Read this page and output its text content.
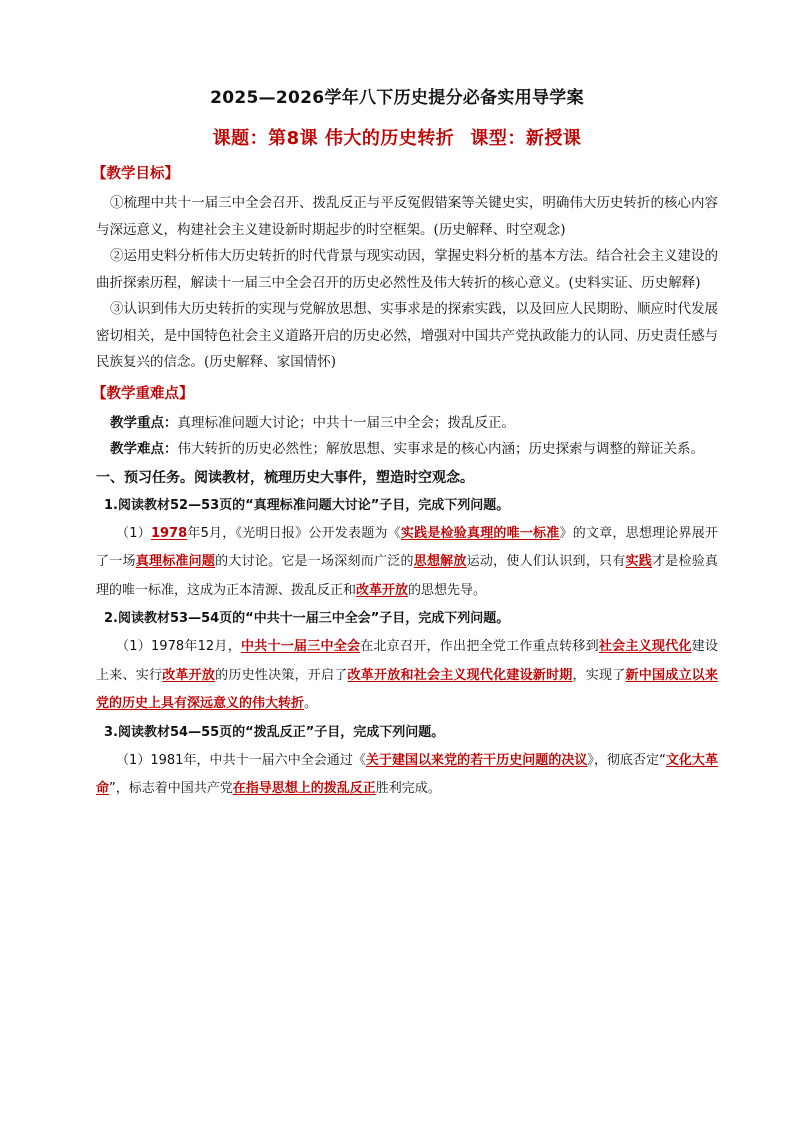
2025—2026学年八下历史提分必备实用导学案
课题：第8课 伟大的历史转折 课型：新授课
【教学目标】

①梳理中共十一届三中全会召开、拨乱反正与平反冤假错案等关键史实，明确伟大历史转折的核心内容与深远意义，构建社会主义建设新时期起步的时空框架。(历史解释、时空观念)

②运用史料分析伟大历史转折的时代背景与现实动因，掌握史料分析的基本方法。结合社会主义建设的曲折探索历程，解读十一届三中全会召开的历史必然性及伟大转折的核心意义。(史料实证、历史解释)

③认识到伟大历史转折的实现与党解放思想、实事求是的探索实践，以及回应人民期盼、顺应时代发展密切相关，是中国特色社会主义道路开启的历史必然，增强对中国共产党执政能力的认同、历史责任感与民族复兴的信念。(历史解释、家国情怀)

【教学重难点】

教学重点：真理标准问题大讨论；中共十一届三中全会；拨乱反正。

教学难点：伟大转折的历史必然性；解放思想、实事求是的核心内涵；历史探索与调整的辩证关系。

一、预习任务。阅读教材，梳理历史大事件，塑造时空观念。
1.阅读教材52—53页的“真理标准问题大讨论”子目，完成下列问题。

（1）1978年5月，《光明日报》公开发表题为《实践是检验真理的唯一标准》的文章，思想理论界展开了一场真理标准问题的大讨论。它是一场深刻而广泛的思想解放运动，使人们认识到，只有实践才是检验真理的唯一标准，这成为正本清源、拨乱反正和改革开放的思想先导。

2.阅读教材53—54页的“中共十一届三中全会”子目，完成下列问题。

（1）1978年12月，中共十一届三中全会在北京召开，作出把全党工作重点转移到社会主义现代化建设上来、实行改革开放的历史性决策，开启了改革开放和社会主义现代化建设新时期，实现了新中国成立以来党的历史上具有深远意义的伟大转折。

3.阅读教材54—55页的“拨乱反正”子目，完成下列问题。

（1）1981年，中共十一届六中全会通过《关于建国以来党的若干历史问题的决议》，彻底否定“文化大革命”，标志着中国共产党在指导思想上的拨乱反正胜利完成。
